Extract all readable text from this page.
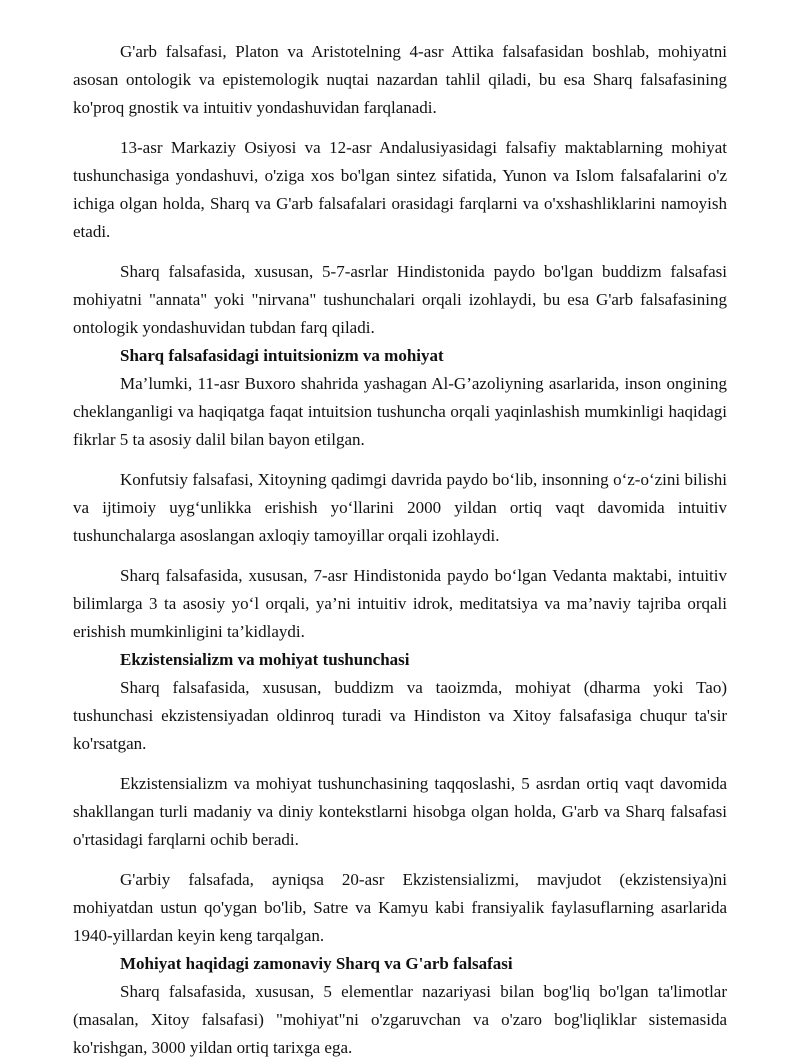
G'arb falsafasi, Platon va Aristotelning 4-asr Attika falsafasidan boshlab, mohiyatni asosan ontologik va epistemologik nuqtai nazardan tahlil qiladi, bu esa Sharq falsafasining ko'proq gnostik va intuitiv yondashuvidan farqlanadi.

13-asr Markaziy Osiyosi va 12-asr Andalusiyasidagi falsafiy maktablarning mohiyat tushunchasiga yondashuvi, o'ziga xos bo'lgan sintez sifatida, Yunon va Islom falsafalarini o'z ichiga olgan holda, Sharq va G'arb falsafalari orasidagi farqlarni va o'xshashliklarini namoyish etadi.

Sharq falsafasida, xususan, 5-7-asrlar Hindistonida paydo bo'lgan buddizm falsafasi mohiyatni "annata" yoki "nirvana" tushunchalari orqali izohlaydi, bu esa G'arb falsafasining ontologik yondashuvidan tubdan farq qiladi.

Sharq falsafasidagi intuitsionizm va mohiyat

Ma’lumki, 11-asr Buxoro shahrida yashagan Al-G’azoliyning asarlarida, inson ongining cheklanganligi va haqiqatga faqat intuitsion tushuncha orqali yaqinlashish mumkinligi haqidagi fikrlar 5 ta asosiy dalil bilan bayon etilgan.

Konfutsiy falsafasi, Xitoyning qadimgi davrida paydo bo‘lib, insonning o‘z-o‘zini bilishi va ijtimoiy uyg‘unlikka erishish yo‘llarini 2000 yildan ortiq vaqt davomida intuitiv tushunchalarga asoslangan axloqiy tamoyillar orqali izohlaydi.

Sharq falsafasida, xususan, 7-asr Hindistonida paydo bo‘lgan Vedanta maktabi, intuitiv bilimlarga 3 ta asosiy yo‘l orqali, ya’ni intuitiv idrok, meditatsiya va ma’naviy tajriba orqali erishish mumkinligini ta’kidlaydi.

Ekzistensializm va mohiyat tushunchasi

Sharq falsafasida, xususan, buddizm va taoizmda, mohiyat (dharma yoki Tao) tushunchasi ekzistensiyadan oldinroq turadi va Hindiston va Xitoy falsafasiga chuqur ta'sir ko'rsatgan.

Ekzistensializm va mohiyat tushunchasining taqqoslashi, 5 asrdan ortiq vaqt davomida shakllangan turli madaniy va diniy kontekstlarni hisobga olgan holda, G'arb va Sharq falsafasi o'rtasidagi farqlarni ochib beradi.

G'arbiy falsafada, ayniqsa 20-asr Ekzistensializmi, mavjudot (ekzistensiya)ni mohiyatdan ustun qo'ygan bo'lib, Satre va Kamyu kabi fransiyalik faylasuflarning asarlarida 1940-yillardan keyin keng tarqalgan.

Mohiyat haqidagi zamonaviy Sharq va G'arb falsafasi

Sharq falsafasida, xususan, 5 elementlar nazariyasi bilan bog'liq bo'lgan ta'limotlar (masalan, Xitoy falsafasi) "mohiyat"ni o'zgaruvchan va o'zaro bog'liqliklar sistemasida ko'rishgan, 3000 yildan ortiq tarixga ega.
